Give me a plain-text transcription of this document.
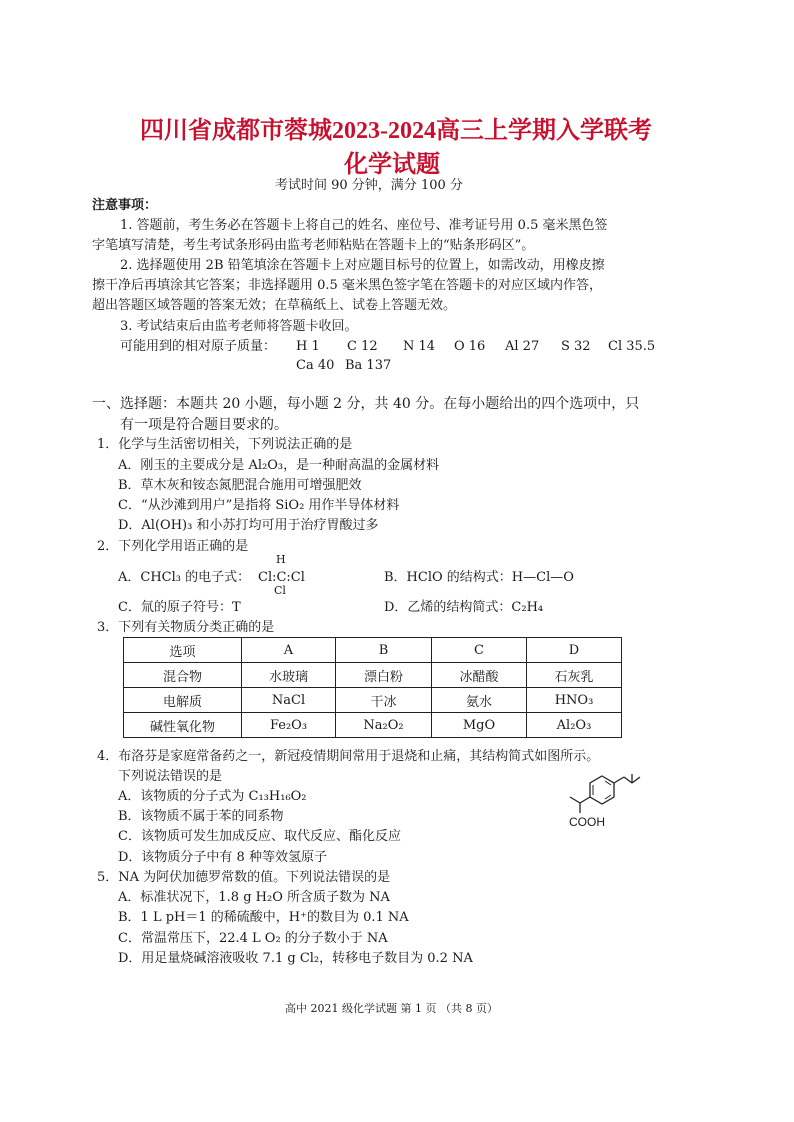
四川省成都市蓉城2023-2024高三上学期入学联考
化学试题
考试时间 90 分钟，满分 100 分
注意事项：
1. 答题前，考生务必在答题卡上将自己的姓名、座位号、准考证号用 0.5 毫米黑色签
字笔填写清楚，考生考试条形码由监考老师粘贴在答题卡上的“贴条形码区”。
2. 选择题使用 2B 铅笔填涂在答题卡上对应题目标号的位置上，如需改动，用橡皮擦
擦干净后再填涂其它答案；非选择题用 0.5 毫米黑色签字笔在答题卡的对应区域内作答，
超出答题区域答题的答案无效；在草稿纸上、试卷上答题无效。
3. 考试结束后由监考老师将答题卡收回。
可能用到的相对原子质量： H 1 C 12 N 14 O 16 Al 27 S 32 Cl 35.5
Ca 40 Ba 137
一、选择题：本题共 20 小题，每小题 2 分，共 40 分。在每小题给出的四个选项中，只
有一项是符合题目要求的。
1．化学与生活密切相关，下列说法正确的是
A．刚玉的主要成分是 Al₂O₃，是一种耐高温的金属材料
B．草木灰和铵态氮肥混合施用可增强肥效
C．“从沙滩到用户”是指将 SiO₂ 用作半导体材料
D．Al(OH)₃ 和小苏打均可用于治疗胃酸过多
2．下列化学用语正确的是
A．CHCl₃ 的电子式：
H
Cl:C:Cl
Cl
B．HClO 的结构式：H—Cl—O
C．氚的原子符号：T	D．乙烯的结构简式：C₂H₄
3．下列有关物质分类正确的是
选项	A	B	C	D
混合物	水玻璃	漂白粉	冰醋酸	石灰乳
电解质	NaCl	干冰	氨水	HNO₃
碱性氧化物	Fe₂O₃	Na₂O₂	MgO	Al₂O₃
4．布洛芬是家庭常备药之一，新冠疫情期间常用于退烧和止痛，其结构简式如图所示。
下列说法错误的是
A．该物质的分子式为 C₁₃H₁₆O₂
B．该物质不属于苯的同系物
C．该物质可发生加成反应、取代反应、酯化反应
D．该物质分子中有 8 种等效氢原子
COOH
5．NA 为阿伏加德罗常数的值。下列说法错误的是
A．标准状况下，1.8 g H₂O 所含质子数为 NA
B．1 L pH＝1 的稀硫酸中，H⁺的数目为 0.1 NA
C．常温常压下，22.4 L O₂ 的分子数小于 NA
D．用足量烧碱溶液吸收 7.1 g Cl₂，转移电子数目为 0.2 NA
高中 2021 级化学试题 第 1 页 （共 8 页）
